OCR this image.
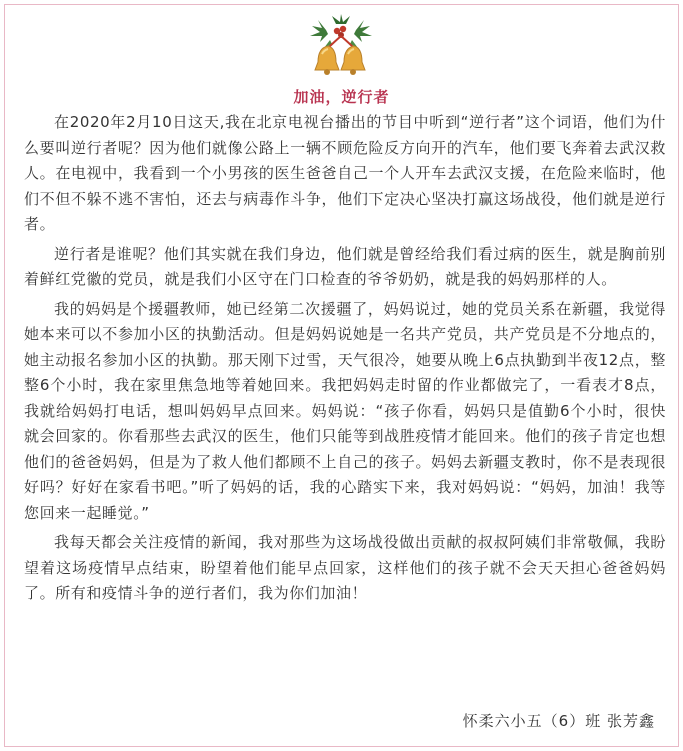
加油，逆行者

在2020年2月10日这天,我在北京电视台播出的节目中听到“逆行者”这个词语，他们为什么要叫逆行者呢？因为他们就像公路上一辆不顾危险反方向开的汽车，他们要飞奔着去武汉救人。在电视中，我看到一个小男孩的医生爸爸自己一个人开车去武汉支援，在危险来临时，他们不但不躲不逃不害怕，还去与病毒作斗争，他们下定决心坚决打赢这场战役，他们就是逆行者。

逆行者是谁呢？他们其实就在我们身边，他们就是曾经给我们看过病的医生，就是胸前别着鲜红党徽的党员，就是我们小区守在门口检查的爷爷奶奶，就是我的妈妈那样的人。

我的妈妈是个援疆教师，她已经第二次援疆了，妈妈说过，她的党员关系在新疆，我觉得她本来可以不参加小区的执勤活动。但是妈妈说她是一名共产党员，共产党员是不分地点的，她主动报名参加小区的执勤。那天刚下过雪，天气很冷，她要从晚上6点执勤到半夜12点，整整6个小时，我在家里焦急地等着她回来。我把妈妈走时留的作业都做完了，一看表才8点，我就给妈妈打电话，想叫妈妈早点回来。妈妈说：“孩子你看，妈妈只是值勤6个小时，很快就会回家的。你看那些去武汉的医生，他们只能等到战胜疫情才能回来。他们的孩子肯定也想他们的爸爸妈妈，但是为了救人他们都顾不上自己的孩子。妈妈去新疆支教时，你不是表现很好吗？好好在家看书吧。”听了妈妈的话，我的心踏实下来，我对妈妈说：“妈妈，加油！我等您回来一起睡觉。”

我每天都会关注疫情的新闻，我对那些为这场战役做出贡献的叔叔阿姨们非常敬佩，我盼望着这场疫情早点结束，盼望着他们能早点回家，这样他们的孩子就不会天天担心爸爸妈妈了。所有和疫情斗争的逆行者们，我为你们加油！

怀柔六小五（6）班 张芳鑫
